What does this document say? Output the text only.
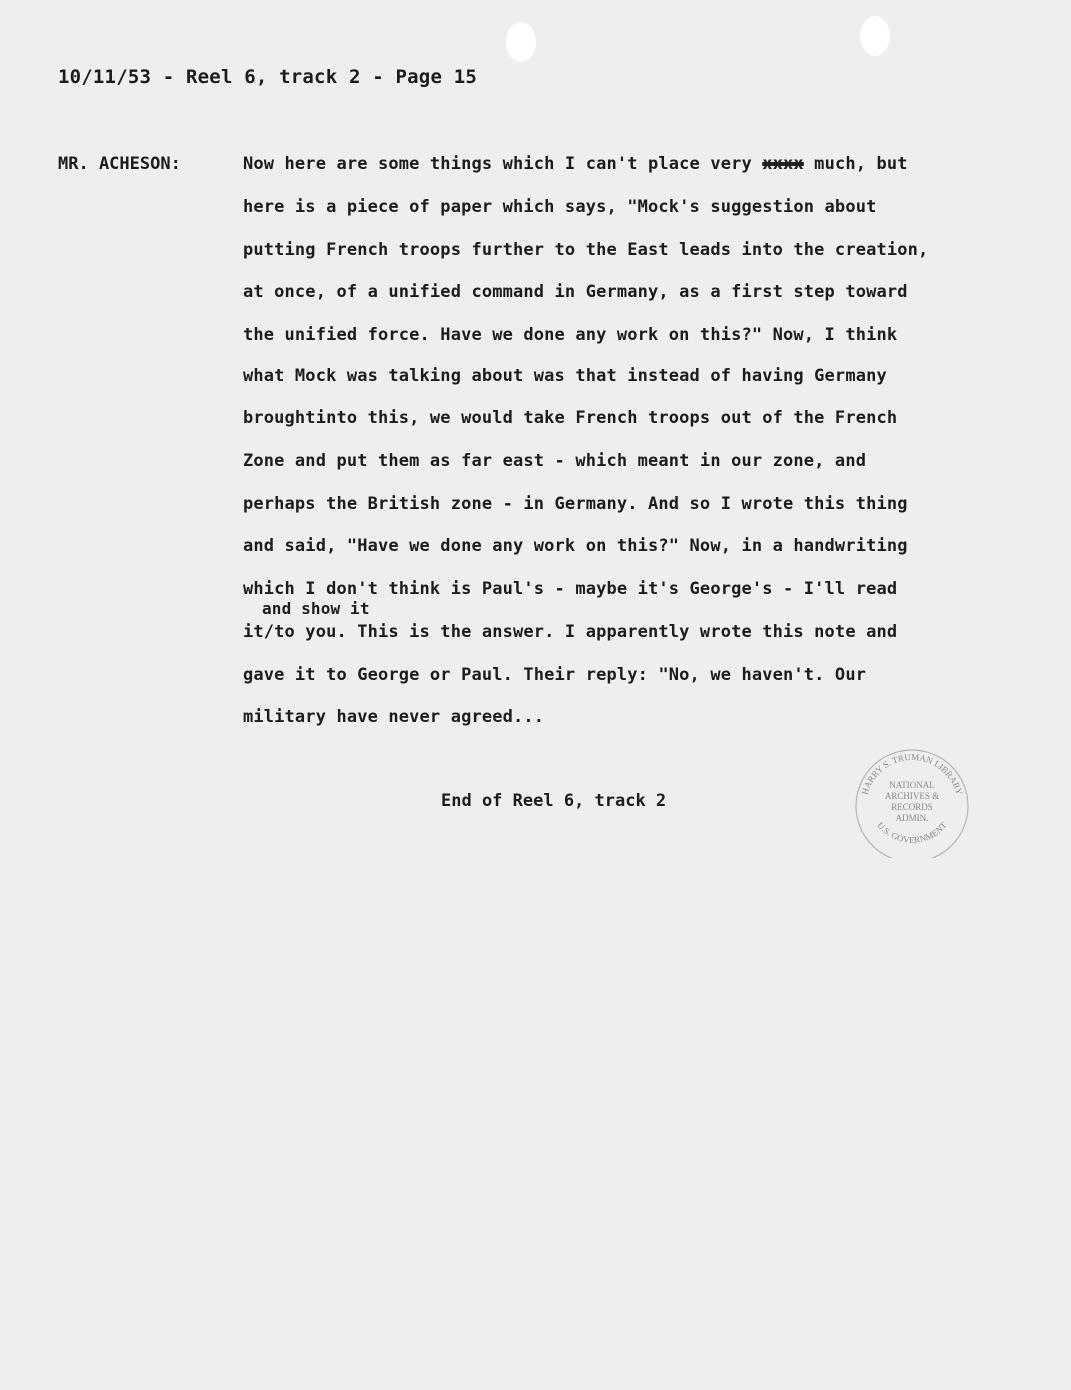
10/11/53 - Reel 6, track 2 - Page 15
MR. ACHESON:	Now here are some things which I can't place very xxxx much, but
here is a piece of paper which says, "Mock's suggestion about
putting French troops further to the East leads into the creation,
at once, of a unified command in Germany, as a first step toward
the unified force. Have we done any work on this?" Now, I think
what Mock was talking about was that instead of having Germany
broughtinto this, we would take French troops out of the French
Zone and put them as far east - which meant in our zone, and
perhaps the British zone - in Germany. And so I wrote this thing
and said, "Have we done any work on this?" Now, in a handwriting
which I don't think is Paul's - maybe it's George's - I'll read
and show it
it/to you. This is the answer. I apparently wrote this note and
gave it to George or Paul. Their reply: "No, we haven't. Our
military have never agreed...
End of Reel 6, track 2	HARRY S. TRUMAN LIBRARY
U.S. GOVERNMENT
NATIONAL
ARCHIVES &
RECORDS
ADMIN.
